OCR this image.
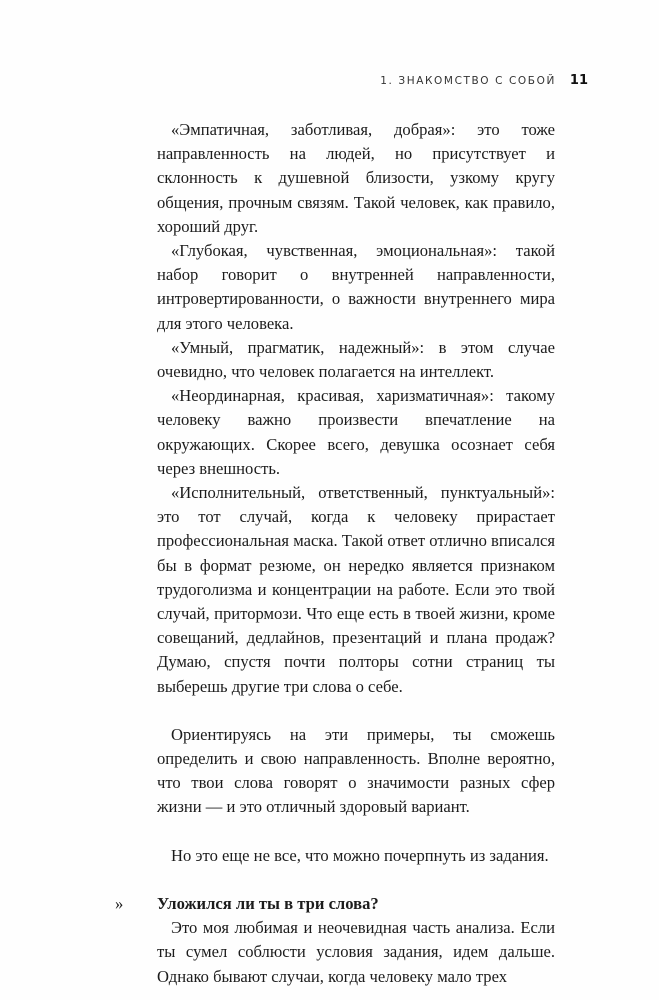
1. ЗНАКОМСТВО С СОБОЙ 11

«Эмпатичная, заботливая, добрая»: это тоже направленность на людей, но присутствует и склонность к душевной близости, узкому кругу общения, прочным связям. Такой человек, как правило, хороший друг.

«Глубокая, чувственная, эмоциональная»: такой набор говорит о внутренней направленности, интровертированности, о важности внутреннего мира для этого человека.

«Умный, прагматик, надежный»: в этом случае очевидно, что человек полагается на интеллект.

«Неординарная, красивая, харизматичная»: такому человеку важно произвести впечатление на окружающих. Скорее всего, девушка осознает себя через внешность.

«Исполнительный, ответственный, пунктуальный»: это тот случай, когда к человеку прирастает профессиональная маска. Такой ответ отлично вписался бы в формат резюме, он нередко является признаком трудоголизма и концентрации на работе. Если это твой случай, притормози. Что еще есть в твоей жизни, кроме совещаний, дедлайнов, презентаций и плана продаж? Думаю, спустя почти полторы сотни страниц ты выберешь другие три слова о себе.

Ориентируясь на эти примеры, ты сможешь определить и свою направленность. Вполне вероятно, что твои слова говорят о значимости разных сфер жизни — и это отличный здоровый вариант.

Но это еще не все, что можно почерпнуть из задания.

» Уложился ли ты в три слова?

Это моя любимая и неочевидная часть анализа. Если ты сумел соблюсти условия задания, идем дальше. Однако бывают случаи, когда человеку мало трех
